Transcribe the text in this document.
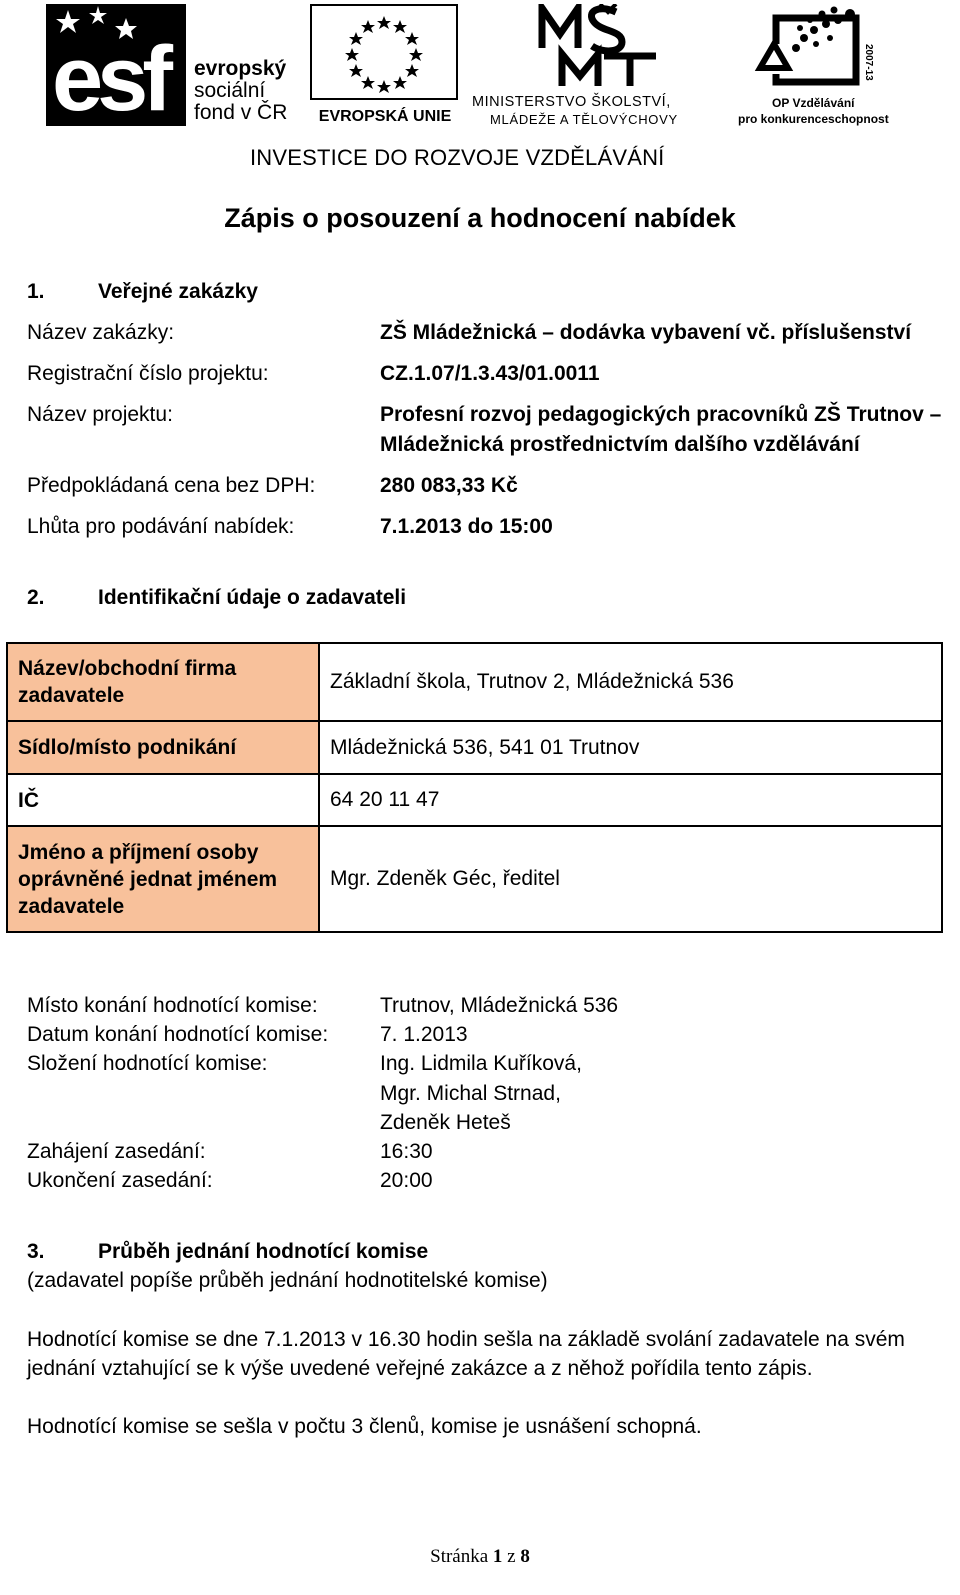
esf evropský
sociální
fond v ČR	EVROPSKÁ UNIE
MINISTERSTVO ŠKOLSTVÍ,
MLÁDEŽE A TĚLOVÝCHOVY
2007-13
OP Vzdělávání
pro konkurenceschopnost
INVESTICE DO ROZVOJE VZDĚLÁVÁNÍ
Zápis o posouzení a hodnocení nabídek
1.	Veřejné zakázky
Název zakázky:	ZŠ Mládežnická – dodávka vybavení vč. příslušenství
Registrační číslo projektu:	CZ.1.07/1.3.43/01.0011
Název projektu:	Profesní rozvoj pedagogických pracovníků ZŠ Trutnov –
Mládežnická prostřednictvím dalšího vzdělávání
Předpokládaná cena bez DPH:	280 083,33 Kč
Lhůta pro podávání nabídek:	7.1.2013 do 15:00
2.	Identifikační údaje o zadavateli
Název/obchodní firma zadavatele	Základní škola, Trutnov 2, Mládežnická 536
Sídlo/místo podnikání	Mládežnická 536, 541 01 Trutnov
IČ	64 20 11 47
Jméno a příjmení osoby oprávněné jednat jménem zadavatele	Mgr. Zdeněk Géc, ředitel
Místo konání hodnotící komise:	Trutnov, Mládežnická 536
Datum konání hodnotící komise: 7. 1.2013
Složení hodnotící komise:	Ing. Lidmila Kuříková,
Mgr. Michal Strnad,
Zdeněk Heteš
Zahájení zasedání:	16:30
Ukončení zasedání:	20:00
3.	Průběh jednání hodnotící komise
(zadavatel popíše průběh jednání hodnotitelské komise)
Hodnotící komise se dne 7.1.2013 v 16.30 hodin sešla na základě svolání zadavatele na svém
jednání vztahující se k výše uvedené veřejné zakázce a z něhož pořídila tento zápis.
Hodnotící komise se sešla v počtu 3 členů, komise je usnášení schopná.
Stránka 1 z 8
